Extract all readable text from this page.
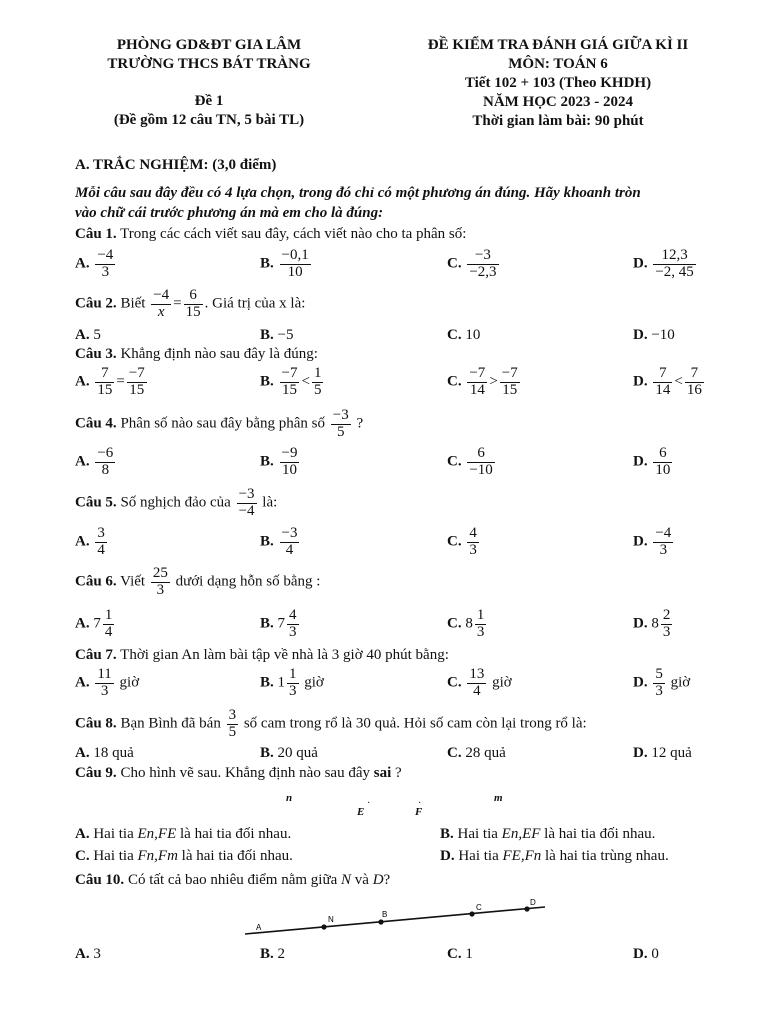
PHÒNG GD&ĐT GIA LÂM
TRƯỜNG THCS BÁT TRÀNG
Đề 1
(Đề gồm 12 câu TN, 5 bài TL)
ĐỀ KIỂM TRA ĐÁNH GIÁ GIỮA KÌ II
MÔN: TOÁN 6
Tiết 102 + 103 (Theo KHDH)
NĂM HỌC 2023 - 2024
Thời gian làm bài: 90 phút
A. TRẮC NGHIỆM: (3,0 điểm)
Mỗi câu sau đây đều có 4 lựa chọn, trong đó chỉ có một phương án đúng. Hãy khoanh tròn
vào chữ cái trước phương án mà em cho là đúng:
Câu 1. Trong các cách viết sau đây, cách viết nào cho ta phân số:
A. $\frac{-4}{3}$	B. $\frac{-0,1}{10}$	C. $\frac{-3}{-2,3}$	D. $\frac{12,3}{-2, 45}$
Câu 2. Biết $\frac{-4}{x} = \frac{6}{15}$ . Giá trị của x là:
A. 5	B. −5	C. 10	D. −10
Câu 3. Khẳng định nào sau đây là đúng:
A. $\frac{7}{15} = \frac{-7}{15}$	B. $\frac{-7}{15} < \frac{1}{5}$	C. $\frac{-7}{14} > \frac{-7}{15}$	D. $\frac{7}{14} < \frac{7}{16}$
Câu 4. Phân số nào sau đây bằng phân số $\frac{-3}{5}$ ?
A. $\frac{-6}{8}$	B. $\frac{-9}{10}$	C. $\frac{6}{-10}$	D. $\frac{6}{10}$
Câu 5. Số nghịch đảo của $\frac{-3}{-4}$ là:
A. $\frac{3}{4}$	B. $\frac{-3}{4}$	C. $\frac{4}{3}$	D. $\frac{-4}{3}$
Câu 6. Viết $\frac{25}{3}$ dưới dạng hỗn số bằng :
A. $7 \frac{1}{4}$	B. $7 \frac{4}{3}$	C. $8 \frac{1}{3}$	D. $8 \frac{2}{3}$
Câu 7. Thời gian An làm bài tập về nhà là 3 giờ 40 phút bằng:
A. $\frac{11}{3}$ giờ	B. $1 \frac{1}{3}$ giờ	C. $\frac{13}{4}$ giờ	D. $\frac{5}{3}$ giờ
Câu 8. Bạn Bình đã bán $\frac{3}{5}$ số cam trong rổ là 30 quả. Hỏi số cam còn lại trong rổ là:
A. 18 quả	B. 20 quả	C. 28 quả	D. 12 quả
Câu 9. Cho hình vẽ sau. Khẳng định nào sau đây sai ?
n
E
·
F
·	m
A. Hai tia En,FE là hai tia đối nhau.	B. Hai tia En,EF là hai tia đối nhau.
C. Hai tia Fn,Fm là hai tia đối nhau.	D. Hai tia FE,Fn là hai tia trùng nhau.
Câu 10. Có tất cả bao nhiêu điểm nằm giữa N và D?
A
N
B
C
D
A. 3	B. 2	C. 1	D. 0
